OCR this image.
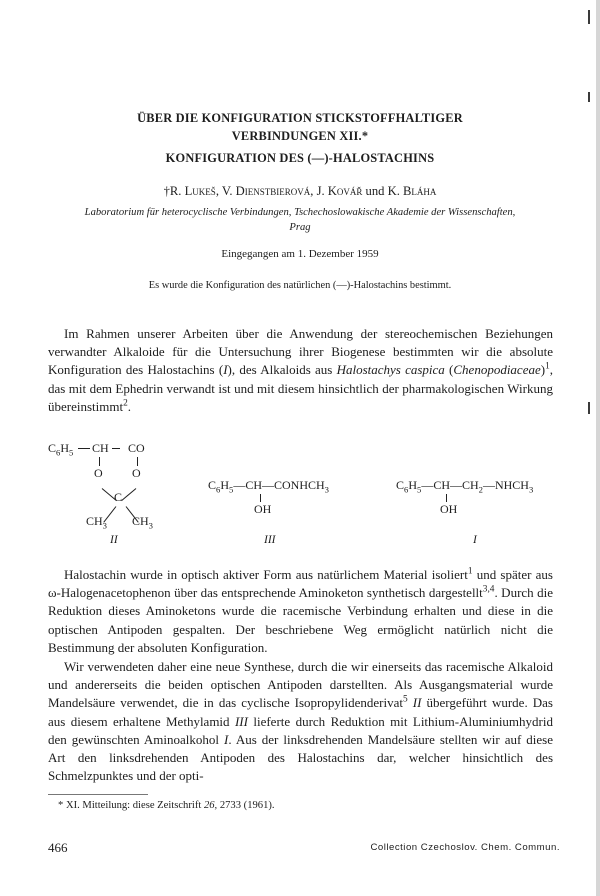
ÜBER DIE KONFIGURATION STICKSTOFFHALTIGER
VERBINDUNGEN XII.*
KONFIGURATION DES (—)-HALOSTACHINS
†R. Lukeš, V. Dienstbierová, J. Kovář und K. Bláha
Laboratorium für heterocyclische Verbindungen, Tschechoslowakische Akademie der Wissenschaften,
Prag
Eingegangen am 1. Dezember 1959
Es wurde die Konfiguration des natürlichen (—)-Halostachins bestimmt.
Im Rahmen unserer Arbeiten über die Anwendung der stereochemischen Beziehungen verwandter Alkaloide für die Untersuchung ihrer Biogenese bestimmten wir die absolute Konfiguration des Halostachins (I), des Alkaloids aus Halostachys caspica (Chenopodiaceae)$^1$, das mit dem Ephedrin verwandt ist und mit diesem hinsichtlich der pharmakologischen Wirkung übereinstimmt$^2$.
$C_6H_5$ CH CO
O O
C
$CH_3$ $CH_3$
II
$C_6H_5—CH—CONHCH_3$
OH
III
$C_6H_5—CH—CH_2—NHCH_3$
OH
I
Halostachin wurde in optisch aktiver Form aus natürlichem Material isoliert$^1$ und später aus ω-Halogenacetophenon über das entsprechende Aminoketon synthetisch dargestellt$^{3,4}$. Durch die Reduktion dieses Aminoketons wurde die racemische Verbindung erhalten und diese in die optischen Antipoden gespalten. Der beschriebene Weg ermöglicht natürlich nicht die Bestimmung der absoluten Konfiguration.
Wir verwendeten daher eine neue Synthese, durch die wir einerseits das racemische Alkaloid und andererseits die beiden optischen Antipoden darstellten. Als Ausgangsmaterial wurde Mandelsäure verwendet, die in das cyclische Isopropylidenderivat$^5$ II übergeführt wurde. Das aus diesem erhaltene Methylamid III lieferte durch Reduktion mit Lithium-Aluminiumhydrid den gewünschten Aminoalkohol I. Aus der linksdrehenden Mandelsäure stellten wir auf diese Art den linksdrehenden Antipoden des Halostachins dar, welcher hinsichtlich des Schmelzpunktes und der opti-
* XI. Mitteilung: diese Zeitschrift 26, 2733 (1961).
466	Collection Czechoslov. Chem. Commun.
